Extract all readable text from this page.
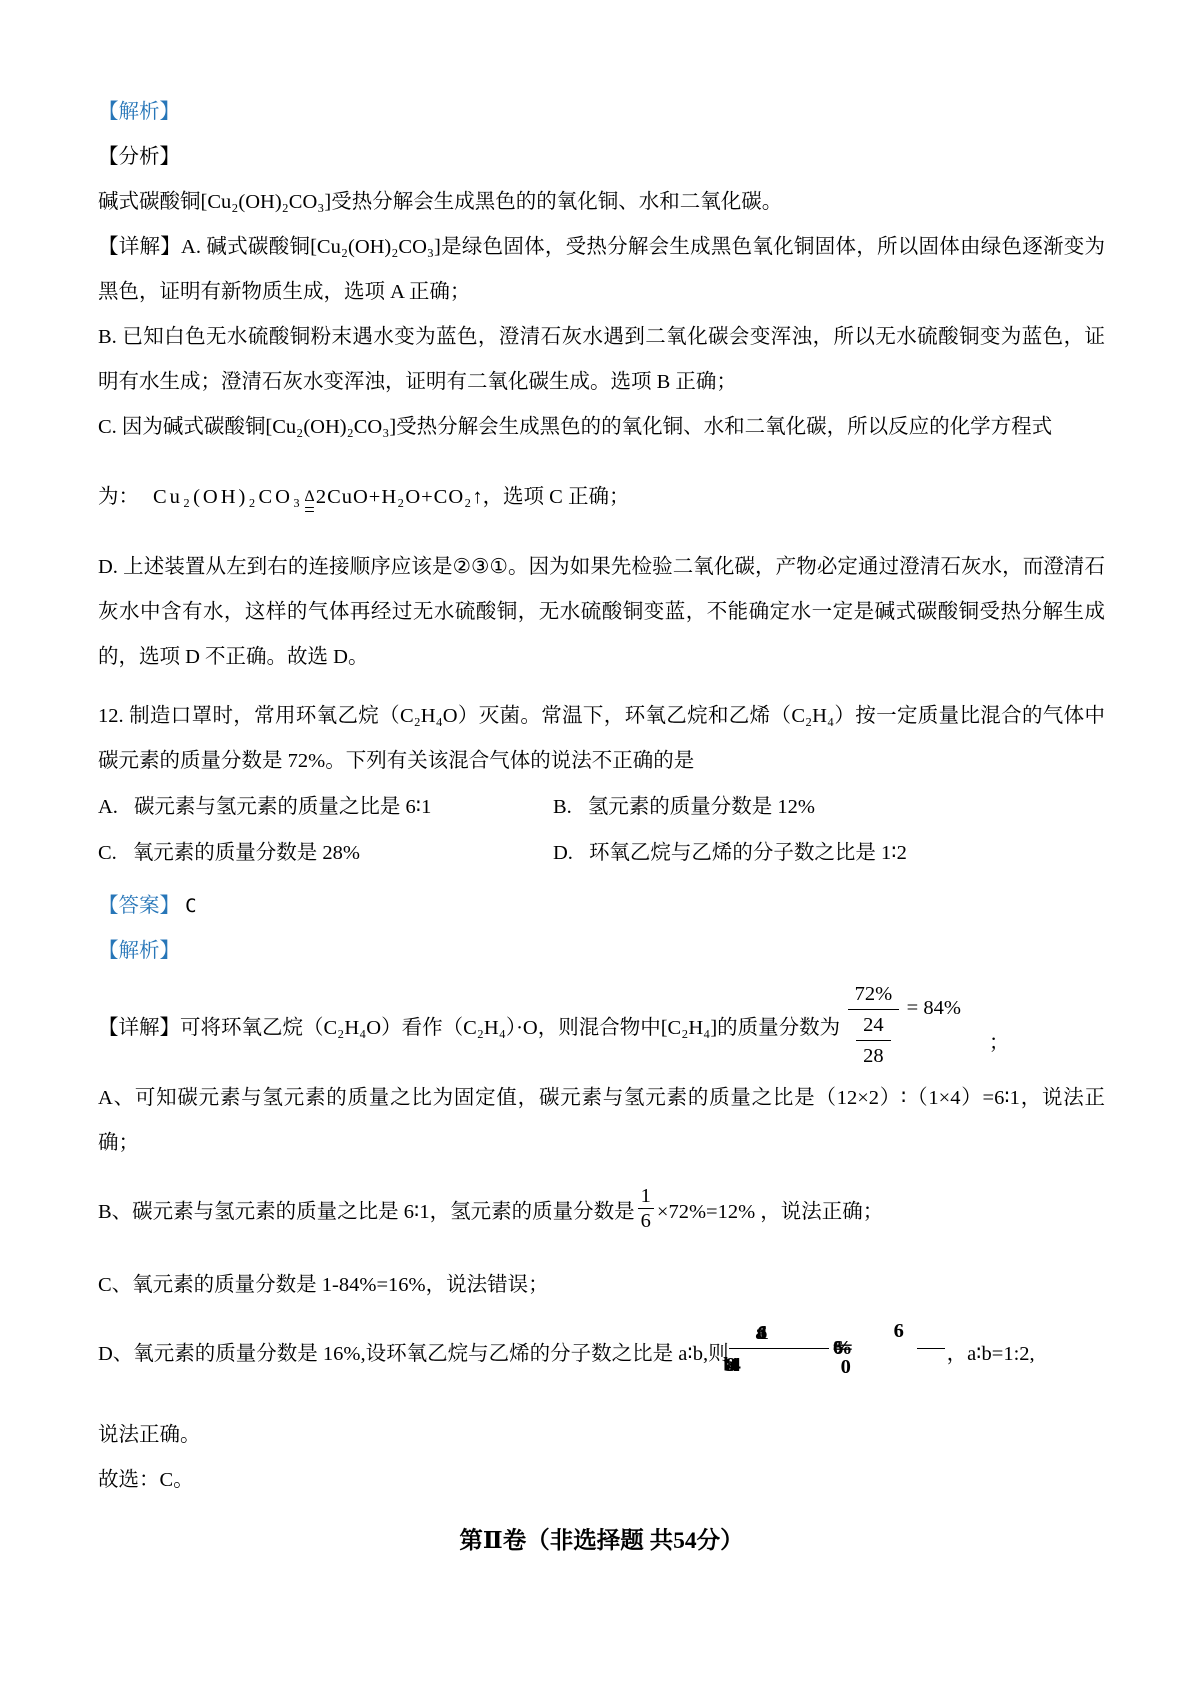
【解析】

【分析】

碱式碳酸铜[Cu₂(OH)₂CO₃]受热分解会生成黑色的的氧化铜、水和二氧化碳。

【详解】A. 碱式碳酸铜[Cu₂(OH)₂CO₃]是绿色固体，受热分解会生成黑色氧化铜固体，所以固体由绿色逐渐变为黑色，证明有新物质生成，选项 A 正确；

B. 已知白色无水硫酸铜粉末遇水变为蓝色，澄清石灰水遇到二氧化碳会变浑浊，所以无水硫酸铜变为蓝色，证明有水生成；澄清石灰水变浑浊，证明有二氧化碳生成。选项 B 正确；

C. 因为碱式碳酸铜[Cu₂(OH)₂CO₃]受热分解会生成黑色的的氧化铜、水和二氧化碳，所以反应的化学方程式

为： Cu₂(OH)₂CO₃ Δ
=
2CuO+H₂O+CO₂↑，选项 C 正确；

D. 上述装置从左到右的连接顺序应该是②③①。因为如果先检验二氧化碳，产物必定通过澄清石灰水，而澄清石灰水中含有水，这样的气体再经过无水硫酸铜，无水硫酸铜变蓝，不能确定水一定是碱式碳酸铜受热分解生成的，选项 D 不正确。故选 D。

12. 制造口罩时，常用环氧乙烷（C₂H₄O）灭菌。常温下，环氧乙烷和乙烯（C₂H₄）按一定质量比混合的气体中碳元素的质量分数是 72%。下列有关该混合气体的说法不正确的是

A. 碳元素与氢元素的质量之比是 6∶1	B. 氢元素的质量分数是 12%
C. 氧元素的质量分数是 28%	D. 环氧乙烷与乙烯的分子数之比是 1∶2

【答案】 C

【解析】

【详解】可将环氧乙烷（C₂H₄O）看作（C₂H₄）·O，则混合物中[C₂H₄]的质量分数为
72%
24
28
= 84%
；

A、可知碳元素与氢元素的质量之比为固定值，碳元素与氢元素的质量之比是（12×2）∶（1×4）=6∶1，说法正确；

B、碳元素与氢元素的质量之比是 6∶1，氢元素的质量分数是 $\frac{1}{6} \times 72\%=12\%$ ，说法正确；

C、氧元素的质量分数是 1-84%=16%，说法错误；

D、氧元素的质量分数是 16%,设环氧乙烷与乙烯的分子数之比是 a∶b,则	=6%=
0
6
，a∶b=1:2,

说法正确。

故选：C。

第Ⅱ卷（非选择题 共54分）
